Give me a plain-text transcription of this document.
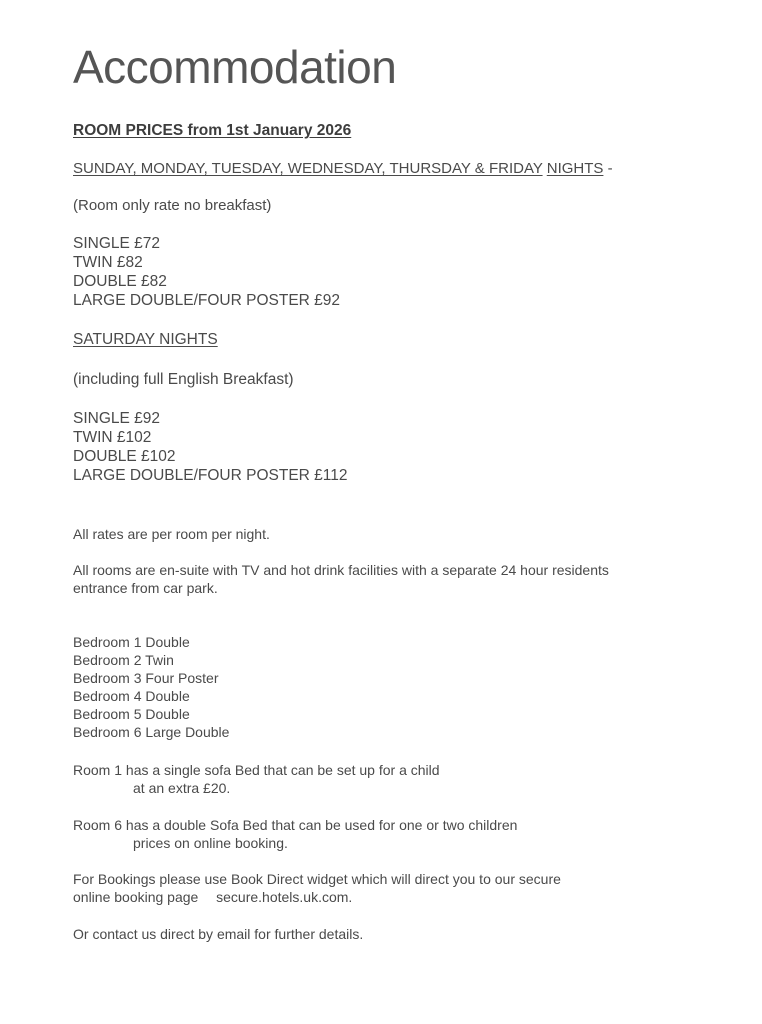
Accommodation
ROOM PRICES from 1st January 2026
SUNDAY, MONDAY, TUESDAY, WEDNESDAY, THURSDAY & FRIDAY NIGHTS -
(Room only rate no breakfast)
SINGLE £72
TWIN £82
DOUBLE £82
LARGE DOUBLE/FOUR POSTER £92
SATURDAY NIGHTS
(including full English Breakfast)
SINGLE £92
TWIN £102
DOUBLE £102
LARGE DOUBLE/FOUR POSTER £112
All rates are per room per night.
All rooms are en-suite with TV and hot drink facilities with a separate 24 hour residents
entrance from car park.
Bedroom 1 Double
Bedroom 2 Twin
Bedroom 3 Four Poster
Bedroom 4 Double
Bedroom 5 Double
Bedroom 6 Large Double
Room 1 has a single sofa Bed that can be set up for a child
at an extra £20.
Room 6 has a double Sofa Bed that can be used for one or two children
prices on online booking.
For Bookings please use Book Direct widget which will direct you to our secure
online booking page secure.hotels.uk.com.
Or contact us direct by email for further details.
